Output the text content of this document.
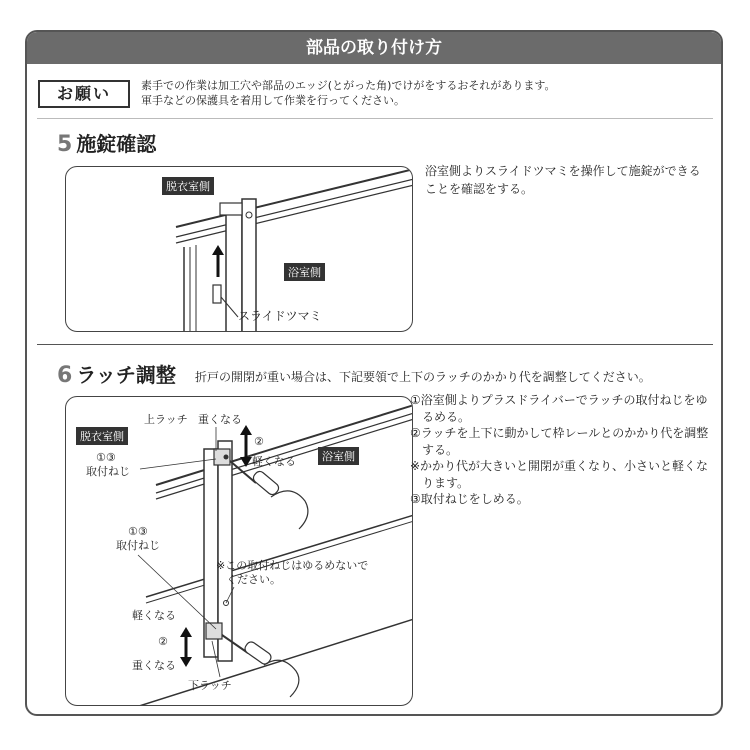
部品の取り付け方
お願い	素手での作業は加工穴や部品のエッジ(とがった角)でけがをするおそれがあります。
軍手などの保護具を着用して作業を行ってください。
5 施錠確認
浴室側よりスライドツマミを操作して施錠ができることを確認をする。
脱衣室側
浴室側
スライドツマミ
6 ラッチ調整 折戸の開閉が重い場合は、下記要領で上下のラッチのかかり代を調整してください。
①浴室側よりプラスドライバーでラッチの取付ねじをゆるめる。
②ラッチを上下に動かして枠レールとのかかり代を調整する。
※かかり代が大きいと開閉が重くなり、小さいと軽くなります。
③取付ねじをしめる。
脱衣室側
浴室側
上ラッチ 重くなる
②
軽くなる
①③
取付ねじ
①③
取付ねじ
※この取付ねじはゆるめないで
ください。
軽くなる
②
重くなる
下ラッチ
